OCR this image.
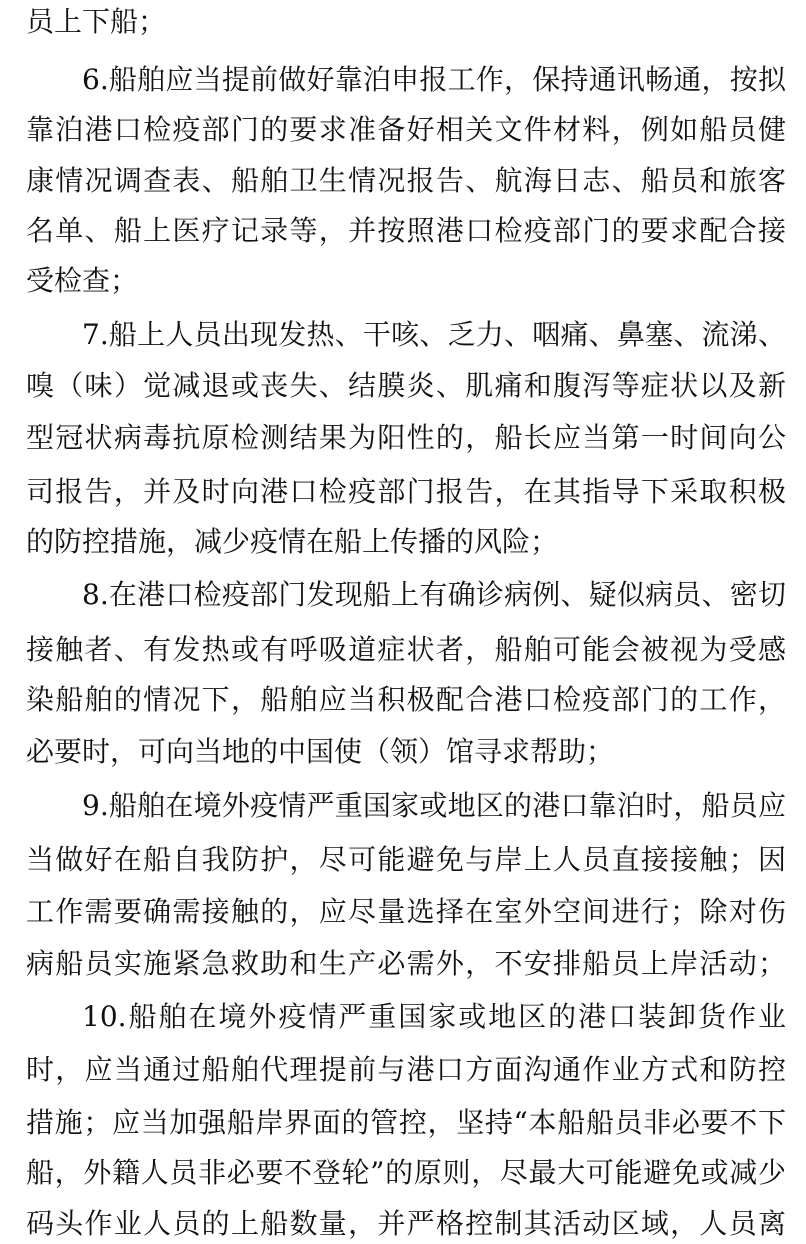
员上下船；
6.船舶应当提前做好靠泊申报工作，保持通讯畅通，按拟
靠泊港口检疫部门的要求准备好相关文件材料，例如船员健
康情况调查表、船舶卫生情况报告、航海日志、船员和旅客
名单、船上医疗记录等，并按照港口检疫部门的要求配合接
受检查；
7.船上人员出现发热、干咳、乏力、咽痛、鼻塞、流涕、
嗅（味）觉减退或丧失、结膜炎、肌痛和腹泻等症状以及新
型冠状病毒抗原检测结果为阳性的，船长应当第一时间向公
司报告，并及时向港口检疫部门报告，在其指导下采取积极
的防控措施，减少疫情在船上传播的风险；
8.在港口检疫部门发现船上有确诊病例、疑似病员、密切
接触者、有发热或有呼吸道症状者，船舶可能会被视为受感
染船舶的情况下，船舶应当积极配合港口检疫部门的工作，
必要时，可向当地的中国使（领）馆寻求帮助；
9.船舶在境外疫情严重国家或地区的港口靠泊时，船员应
当做好在船自我防护，尽可能避免与岸上人员直接接触；因
工作需要确需接触的，应尽量选择在室外空间进行；除对伤
病船员实施紧急救助和生产必需外，不安排船员上岸活动；
10.船舶在境外疫情严重国家或地区的港口装卸货作业
时，应当通过船舶代理提前与港口方面沟通作业方式和防控
措施；应当加强船岸界面的管控，坚持“本船船员非必要不下
船，外籍人员非必要不登轮”的原则，尽最大可能避免或减少
码头作业人员的上船数量，并严格控制其活动区域，人员离
